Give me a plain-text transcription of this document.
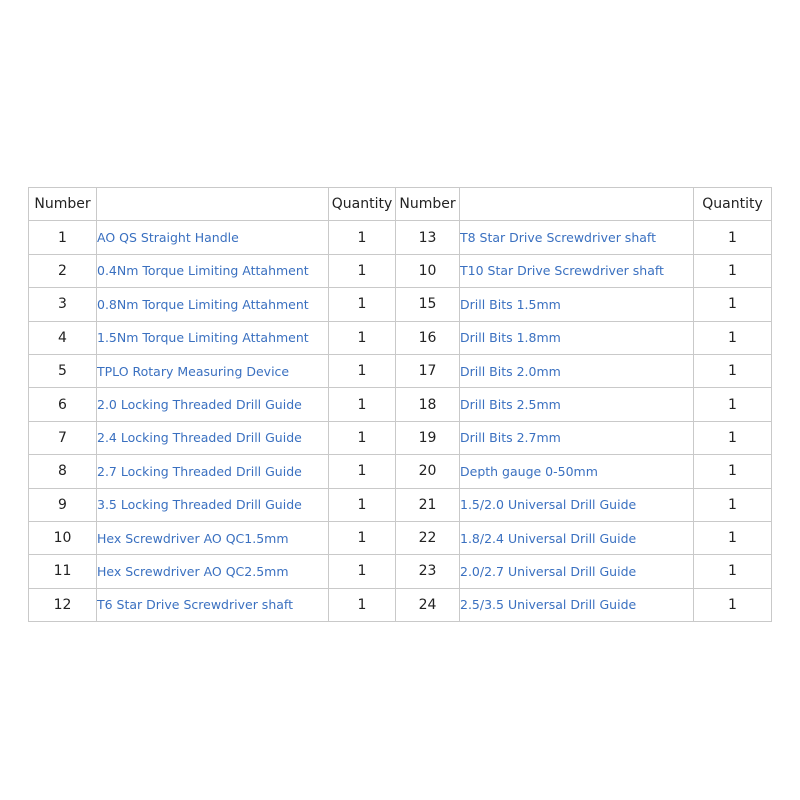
Number		Quantity	Number		Quantity
1	AO QS Straight Handle	1	13	T8 Star Drive Screwdriver shaft	1
2	0.4Nm Torque Limiting Attahment	1	10	T10 Star Drive Screwdriver shaft	1
3	0.8Nm Torque Limiting Attahment	1	15	Drill Bits 1.5mm	1
4	1.5Nm Torque Limiting Attahment	1	16	Drill Bits 1.8mm	1
5	TPLO Rotary Measuring Device	1	17	Drill Bits 2.0mm	1
6	2.0 Locking Threaded Drill Guide	1	18	Drill Bits 2.5mm	1
7	2.4 Locking Threaded Drill Guide	1	19	Drill Bits 2.7mm	1
8	2.7 Locking Threaded Drill Guide	1	20	Depth gauge 0-50mm	1
9	3.5 Locking Threaded Drill Guide	1	21	1.5/2.0 Universal Drill Guide	1
10	Hex Screwdriver AO QC1.5mm	1	22	1.8/2.4 Universal Drill Guide	1
11	Hex Screwdriver AO QC2.5mm	1	23	2.0/2.7 Universal Drill Guide	1
12	T6 Star Drive Screwdriver shaft	1	24	2.5/3.5 Universal Drill Guide	1
